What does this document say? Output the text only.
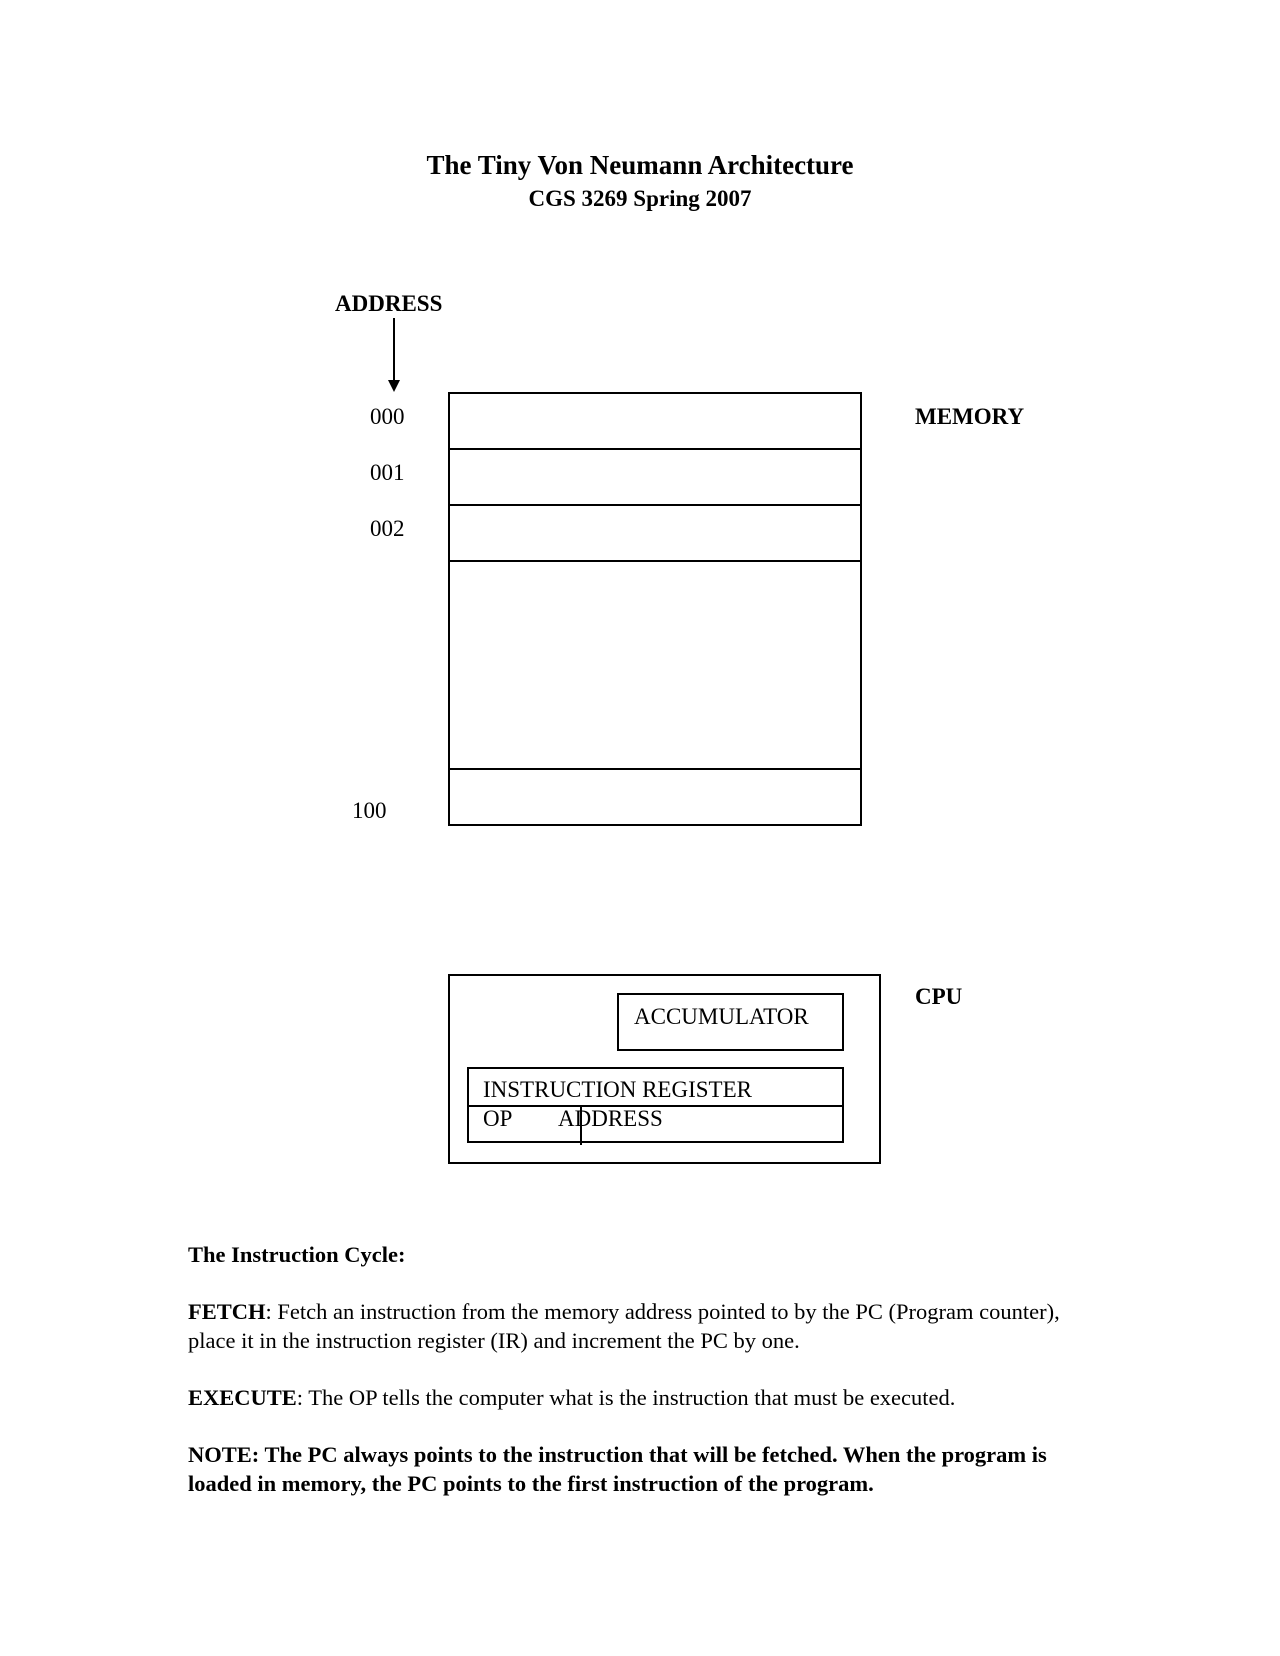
The Tiny Von Neumann Architecture
CGS 3269 Spring 2007
ADDRESS
000
001
002
100
MEMORY
ACCUMULATOR
INSTRUCTION REGISTER
OP ADDRESS
CPU
The Instruction Cycle:
FETCH: Fetch an instruction from the memory address pointed to by the PC (Program counter), place it in the instruction register (IR) and increment the PC by one.
EXECUTE: The OP tells the computer what is the instruction that must be executed.
NOTE: The PC always points to the instruction that will be fetched. When the program is loaded in memory, the PC points to the first instruction of the program.
